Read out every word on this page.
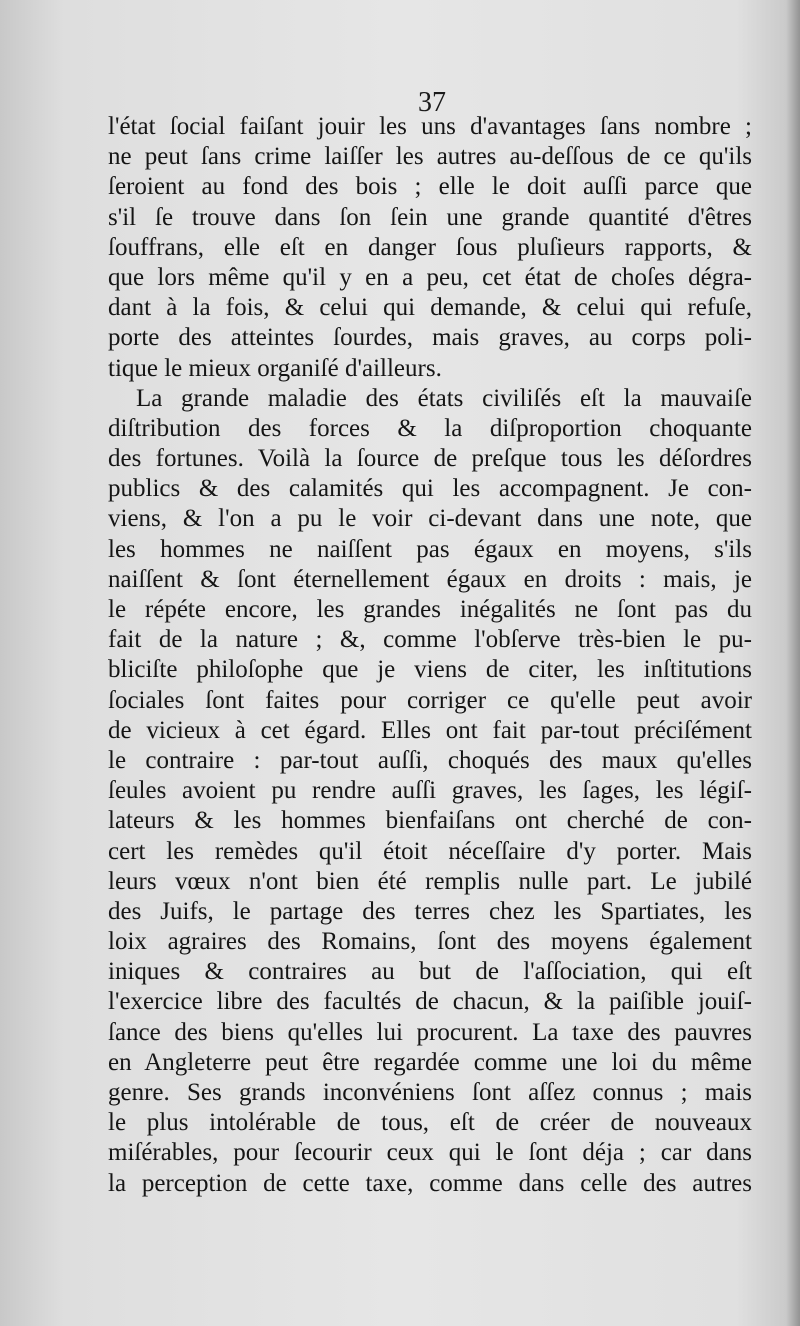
37
l'état ſocial faiſant jouir les uns d'avantages ſans nombre ;
ne peut ſans crime laiſſer les autres au-deſſous de ce qu'ils
ſeroient au fond des bois ; elle le doit auſſi parce que
s'il ſe trouve dans ſon ſein une grande quantité d'êtres
ſouffrans, elle eſt en danger ſous pluſieurs rapports, &
que lors même qu'il y en a peu, cet état de choſes dégra-
dant à la fois, & celui qui demande, & celui qui refuſe,
porte des atteintes ſourdes, mais graves, au corps poli-
tique le mieux organiſé d'ailleurs.
La grande maladie des états civiliſés eſt la mauvaiſe
diſtribution des forces & la diſproportion choquante
des fortunes. Voilà la ſource de preſque tous les déſordres
publics & des calamités qui les accompagnent. Je con-
viens, & l'on a pu le voir ci-devant dans une note, que
les hommes ne naiſſent pas égaux en moyens, s'ils
naiſſent & ſont éternellement égaux en droits : mais, je
le répéte encore, les grandes inégalités ne ſont pas du
fait de la nature ; &, comme l'obſerve très-bien le pu-
bliciſte philoſophe que je viens de citer, les inſtitutions
ſociales ſont faites pour corriger ce qu'elle peut avoir
de vicieux à cet égard. Elles ont fait par-tout préciſément
le contraire : par-tout auſſi, choqués des maux qu'elles
ſeules avoient pu rendre auſſi graves, les ſages, les légiſ-
lateurs & les hommes bienfaiſans ont cherché de con-
cert les remèdes qu'il étoit néceſſaire d'y porter. Mais
leurs vœux n'ont bien été remplis nulle part. Le jubilé
des Juifs, le partage des terres chez les Spartiates, les
loix agraires des Romains, ſont des moyens également
iniques & contraires au but de l'aſſociation, qui eſt
l'exercice libre des facultés de chacun, & la paiſible jouiſ-
ſance des biens qu'elles lui procurent. La taxe des pauvres
en Angleterre peut être regardée comme une loi du même
genre. Ses grands inconvéniens ſont aſſez connus ; mais
le plus intolérable de tous, eſt de créer de nouveaux
miſérables, pour ſecourir ceux qui le ſont déja ; car dans
la perception de cette taxe, comme dans celle des autres
